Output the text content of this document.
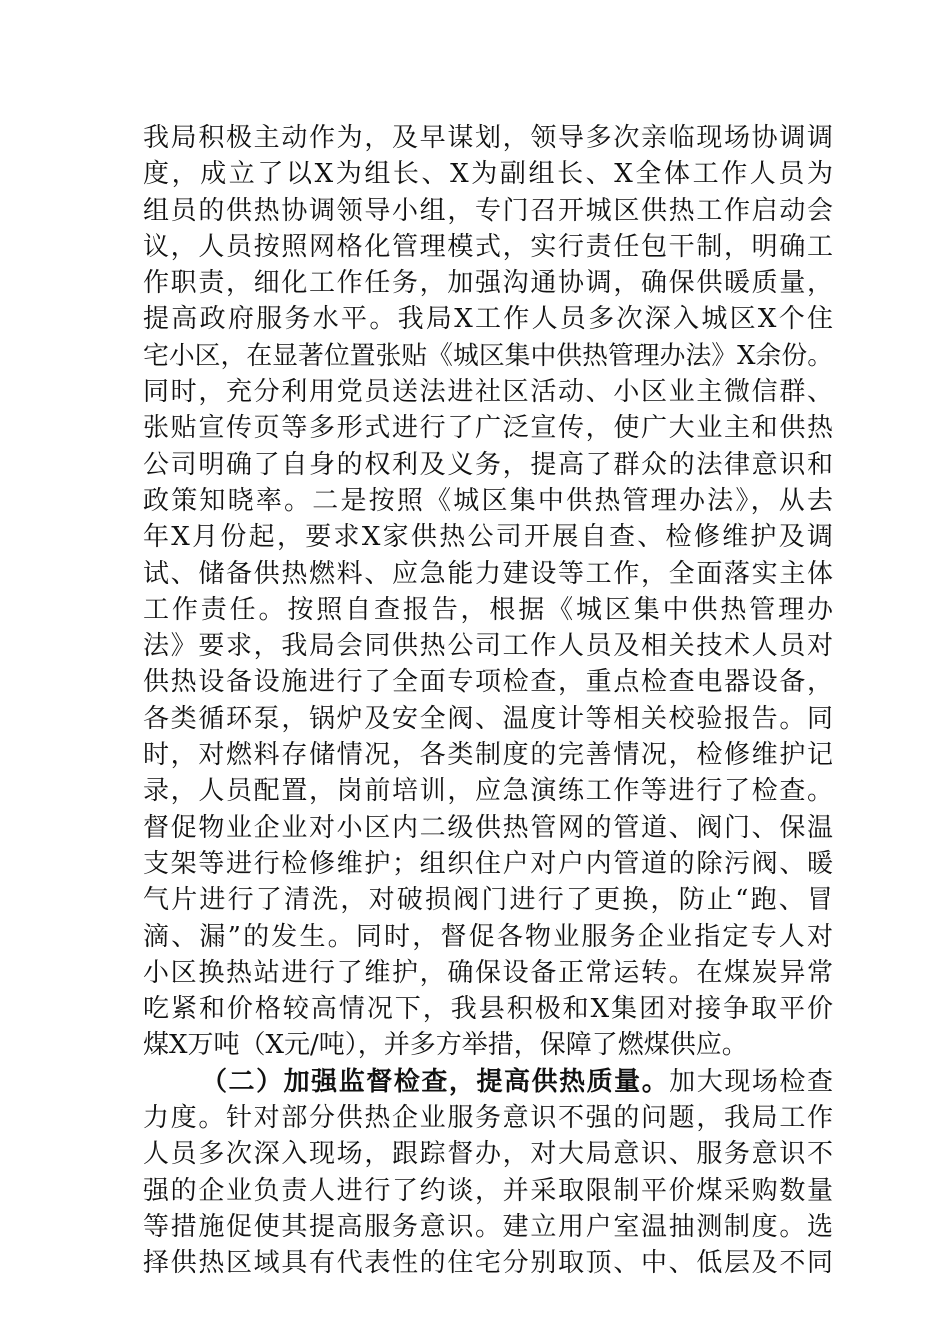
我局积极主动作为，及早谋划，领导多次亲临现场协调调
度，成立了以X为组长、X为副组长、X全体工作人员为
组员的供热协调领导小组，专门召开城区供热工作启动会
议，人员按照网格化管理模式，实行责任包干制，明确工
作职责，细化工作任务，加强沟通协调，确保供暖质量，
提高政府服务水平。我局X工作人员多次深入城区X个住
宅小区，在显著位置张贴《城区集中供热管理办法》X余份。
同时，充分利用党员送法进社区活动、小区业主微信群、
张贴宣传页等多形式进行了广泛宣传，使广大业主和供热
公司明确了自身的权利及义务，提高了群众的法律意识和
政策知晓率。二是按照《城区集中供热管理办法》，从去
年X月份起，要求X家供热公司开展自查、检修维护及调
试、储备供热燃料、应急能力建设等工作，全面落实主体
工作责任。按照自查报告，根据《城区集中供热管理办
法》要求，我局会同供热公司工作人员及相关技术人员对
供热设备设施进行了全面专项检查，重点检查电器设备，
各类循环泵，锅炉及安全阀、温度计等相关校验报告。同
时，对燃料存储情况，各类制度的完善情况，检修维护记
录，人员配置，岗前培训，应急演练工作等进行了检查。
督促物业企业对小区内二级供热管网的管道、阀门、保温
支架等进行检修维护；组织住户对户内管道的除污阀、暖
气片进行了清洗，对破损阀门进行了更换，防止“跑、冒
滴、漏”的发生。同时，督促各物业服务企业指定专人对
小区换热站进行了维护，确保设备正常运转。在煤炭异常
吃紧和价格较高情况下，我县积极和X集团对接争取平价
煤X万吨（X元/吨），并多方举措，保障了燃煤供应。
（二）加强监督检查，提高供热质量。加大现场检查
力度。针对部分供热企业服务意识不强的问题，我局工作
人员多次深入现场，跟踪督办，对大局意识、服务意识不
强的企业负责人进行了约谈，并采取限制平价煤采购数量
等措施促使其提高服务意识。建立用户室温抽测制度。选
择供热区域具有代表性的住宅分别取顶、中、低层及不同
